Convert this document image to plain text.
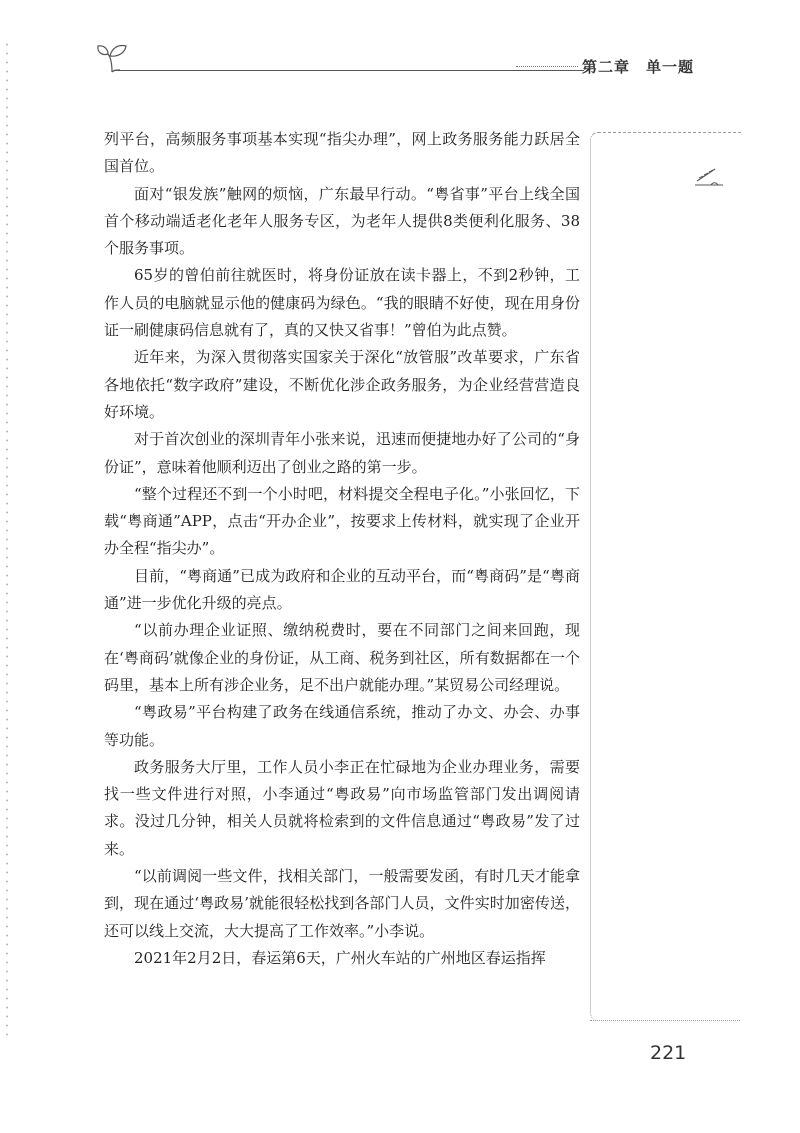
第二章　单一题

列平台，高频服务事项基本实现“指尖办理”，网上政务服务能力跃居全国首位。

面对“银发族”触网的烦恼，广东最早行动。“粤省事”平台上线全国首个移动端适老化老年人服务专区，为老年人提供8类便利化服务、38个服务事项。

65岁的曾伯前往就医时，将身份证放在读卡器上，不到2秒钟，工作人员的电脑就显示他的健康码为绿色。“我的眼睛不好使，现在用身份证一刷健康码信息就有了，真的又快又省事！”曾伯为此点赞。

近年来，为深入贯彻落实国家关于深化“放管服”改革要求，广东省各地依托“数字政府”建设，不断优化涉企政务服务，为企业经营营造良好环境。

对于首次创业的深圳青年小张来说，迅速而便捷地办好了公司的“身份证”，意味着他顺利迈出了创业之路的第一步。

“整个过程还不到一个小时吧，材料提交全程电子化。”小张回忆，下载“粤商通”APP，点击“开办企业”，按要求上传材料，就实现了企业开办全程“指尖办”。

目前，“粤商通”已成为政府和企业的互动平台，而“粤商码”是“粤商通”进一步优化升级的亮点。

“以前办理企业证照、缴纳税费时，要在不同部门之间来回跑，现在‘粤商码’就像企业的身份证，从工商、税务到社区，所有数据都在一个码里，基本上所有涉企业务，足不出户就能办理。”某贸易公司经理说。

“粤政易”平台构建了政务在线通信系统，推动了办文、办会、办事等功能。

政务服务大厅里，工作人员小李正在忙碌地为企业办理业务，需要找一些文件进行对照，小李通过“粤政易”向市场监管部门发出调阅请求。没过几分钟，相关人员就将检索到的文件信息通过“粤政易”发了过来。

“以前调阅一些文件，找相关部门，一般需要发函，有时几天才能拿到，现在通过‘粤政易’就能很轻松找到各部门人员，文件实时加密传送，还可以线上交流，大大提高了工作效率。”小李说。

2021年2月2日，春运第6天，广州火车站的广州地区春运指挥

221
